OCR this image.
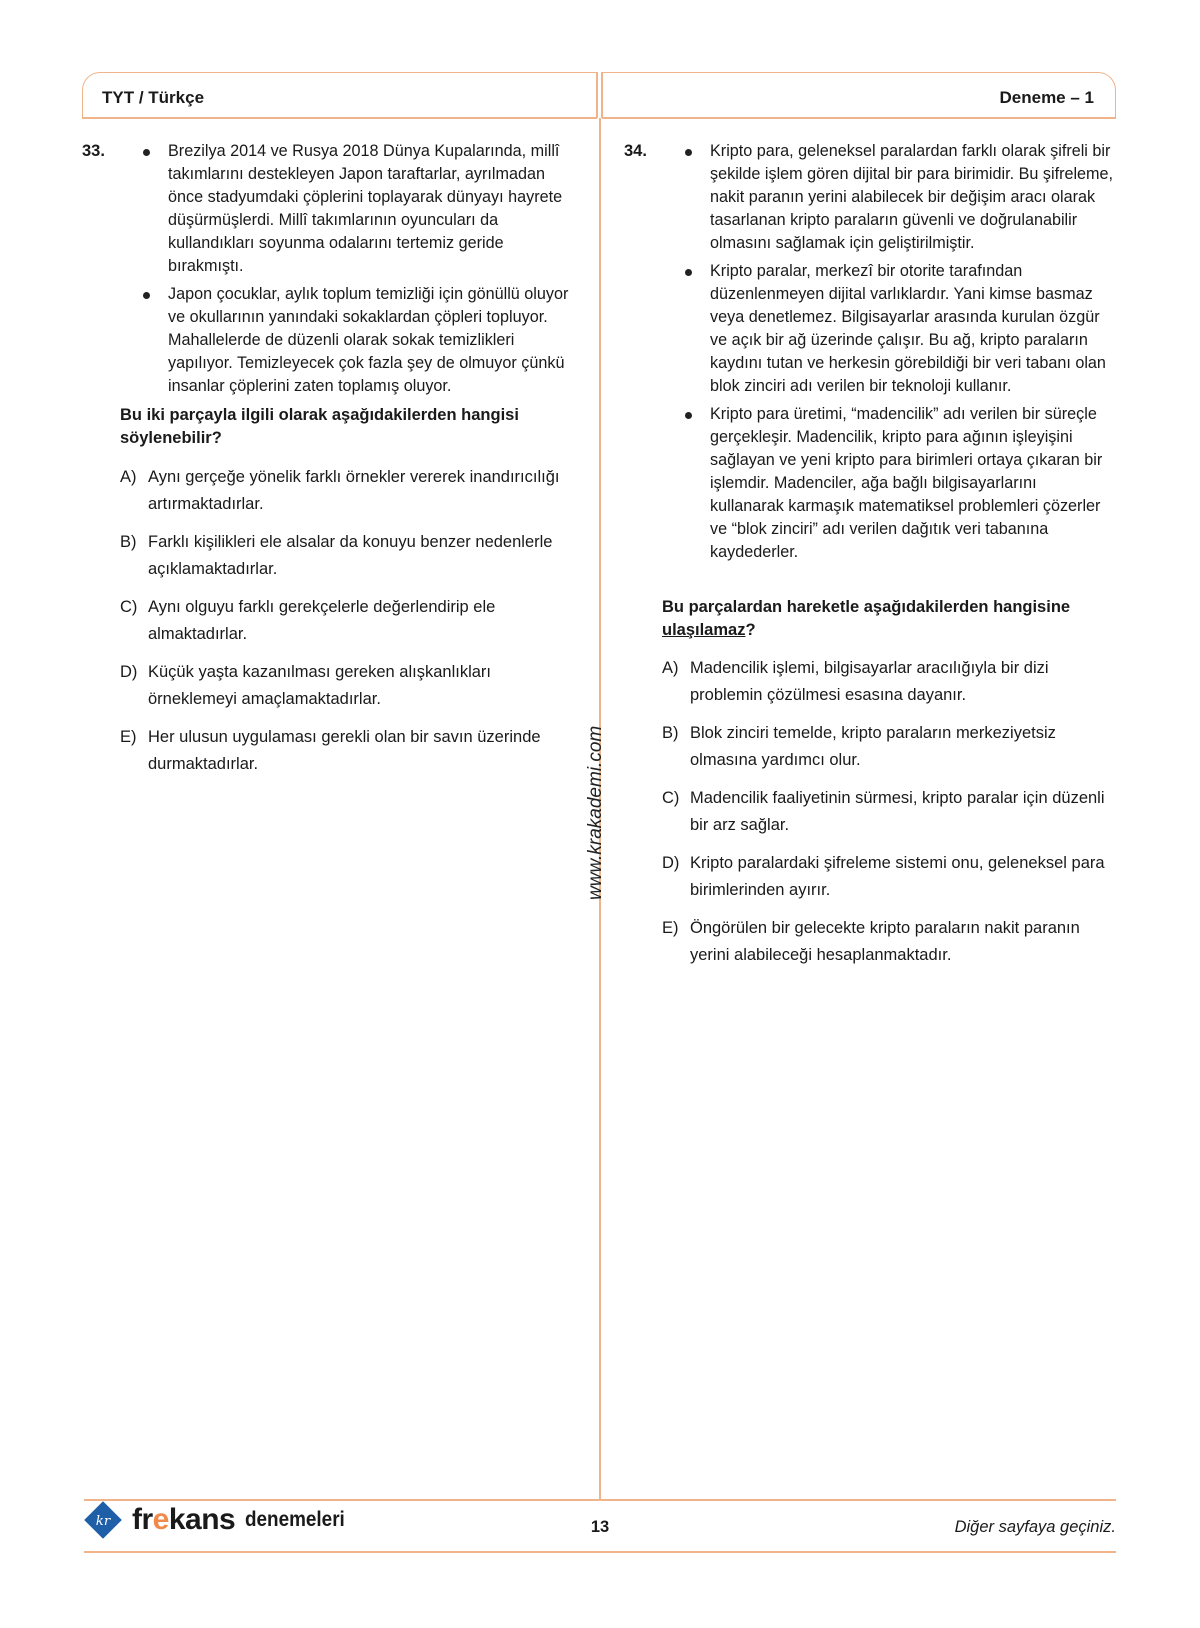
TYT / Türkçe	Deneme – 1
www.krakademi.com
33.	Brezilya 2014 ve Rusya 2018 Dünya Kupalarında, millî takımlarını destekleyen Japon taraftarlar, ayrılmadan önce stadyumdaki çöplerini toplayarak dünyayı hayrete düşürmüşlerdi. Millî takımlarının oyuncuları da kullandıkları soyunma odalarını tertemiz geride bırakmıştı.
Japon çocuklar, aylık toplum temizliği için gönüllü oluyor ve okullarının yanındaki sokaklardan çöpleri topluyor. Mahallelerde de düzenli olarak sokak temizlikleri yapılıyor. Temizleyecek çok fazla şey de olmuyor çünkü insanlar çöplerini zaten toplamış oluyor.
Bu iki parçayla ilgili olarak aşağıdakilerden hangisi söylenebilir?
A) Aynı gerçeğe yönelik farklı örnekler vererek inandırıcılığı artırmaktadırlar.
B) Farklı kişilikleri ele alsalar da konuyu benzer nedenlerle açıklamaktadırlar.
C) Aynı olguyu farklı gerekçelerle değerlendirip ele almaktadırlar.
D) Küçük yaşta kazanılması gereken alışkanlıkları örneklemeyi amaçlamaktadırlar.
E) Her ulusun uygulaması gerekli olan bir savın üzerinde durmaktadırlar.
34.	Kripto para, geleneksel paralardan farklı olarak şifreli bir şekilde işlem gören dijital bir para birimidir. Bu şifreleme, nakit paranın yerini alabilecek bir değişim aracı olarak tasarlanan kripto paraların güvenli ve doğrulanabilir olmasını sağlamak için geliştirilmiştir.
Kripto paralar, merkezî bir otorite tarafından düzenlenmeyen dijital varlıklardır. Yani kimse basmaz veya denetlemez. Bilgisayarlar arasında kurulan özgür ve açık bir ağ üzerinde çalışır. Bu ağ, kripto paraların kaydını tutan ve herkesin görebildiği bir veri tabanı olan blok zinciri adı verilen bir teknoloji kullanır.
Kripto para üretimi, “madencilik” adı verilen bir süreçle gerçekleşir. Madencilik, kripto para ağının işleyişini sağlayan ve yeni kripto para birimleri ortaya çıkaran bir işlemdir. Madenciler, ağa bağlı bilgisayarlarını kullanarak karmaşık matematiksel problemleri çözerler ve “blok zinciri” adı verilen dağıtık veri tabanına kaydederler.
Bu parçalardan hareketle aşağıdakilerden hangisine ulaşılamaz?
A) Madencilik işlemi, bilgisayarlar aracılığıyla bir dizi problemin çözülmesi esasına dayanır.
B) Blok zinciri temelde, kripto paraların merkeziyetsiz olmasına yardımcı olur.
C) Madencilik faaliyetinin sürmesi, kripto paralar için düzenli bir arz sağlar.
D) Kripto paralardaki şifreleme sistemi onu, geleneksel para birimlerinden ayırır.
E) Öngörülen bir gelecekte kripto paraların nakit paranın yerini alabileceği hesaplanmaktadır.
kr frekans denemeleri	13	Diğer sayfaya geçiniz.
